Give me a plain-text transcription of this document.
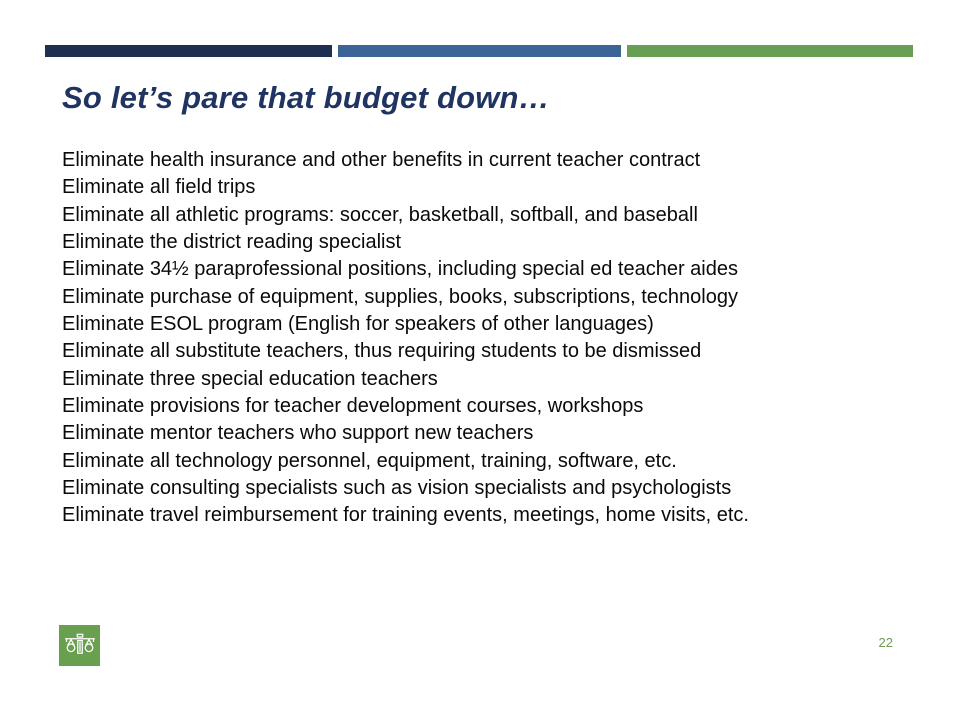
So let’s pare that budget down…
Eliminate health insurance and other benefits in current teacher contract
Eliminate all field trips
Eliminate all athletic programs: soccer, basketball, softball, and baseball
Eliminate the district reading specialist
Eliminate 34½ paraprofessional positions, including special ed teacher aides
Eliminate purchase of equipment, supplies, books, subscriptions, technology
Eliminate ESOL program (English for speakers of other languages)
Eliminate all substitute teachers, thus requiring students to be dismissed
Eliminate three special education teachers
Eliminate provisions for teacher development courses, workshops
Eliminate mentor teachers who support new teachers
Eliminate all technology personnel, equipment, training, software, etc.
Eliminate consulting specialists such as vision specialists and psychologists
Eliminate travel reimbursement for training events, meetings, home visits, etc.
22
